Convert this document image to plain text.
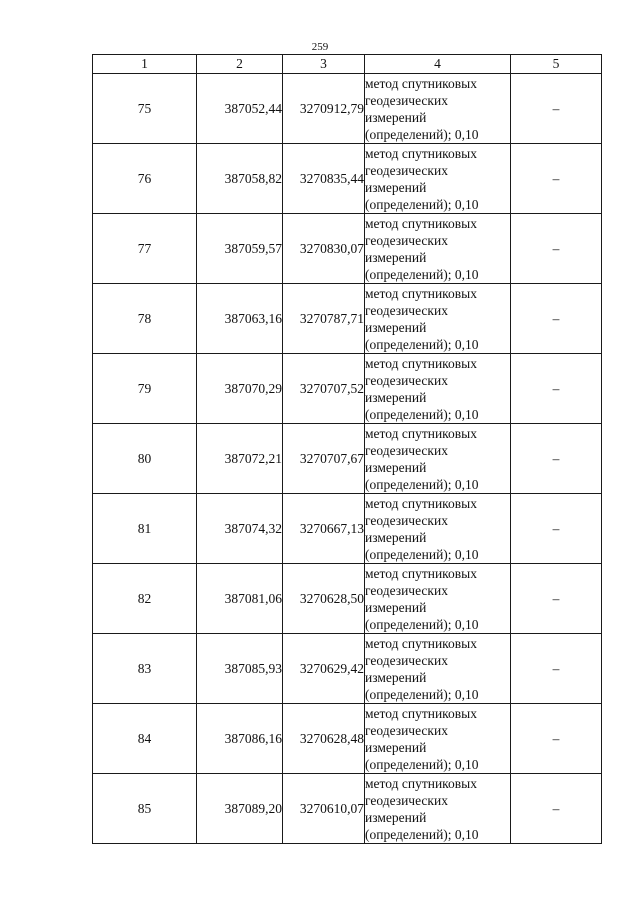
259
1	2	3	4	5
75	387052,44	3270912,79	метод спутниковых
геодезических
измерений
(определений); 0,10	–
76	387058,82	3270835,44	метод спутниковых
геодезических
измерений
(определений); 0,10	–
77	387059,57	3270830,07	метод спутниковых
геодезических
измерений
(определений); 0,10	–
78	387063,16	3270787,71	метод спутниковых
геодезических
измерений
(определений); 0,10	–
79	387070,29	3270707,52	метод спутниковых
геодезических
измерений
(определений); 0,10	–
80	387072,21	3270707,67	метод спутниковых
геодезических
измерений
(определений); 0,10	–
81	387074,32	3270667,13	метод спутниковых
геодезических
измерений
(определений); 0,10	–
82	387081,06	3270628,50	метод спутниковых
геодезических
измерений
(определений); 0,10	–
83	387085,93	3270629,42	метод спутниковых
геодезических
измерений
(определений); 0,10	–
84	387086,16	3270628,48	метод спутниковых
геодезических
измерений
(определений); 0,10	–
85	387089,20	3270610,07	метод спутниковых
геодезических
измерений
(определений); 0,10	–
